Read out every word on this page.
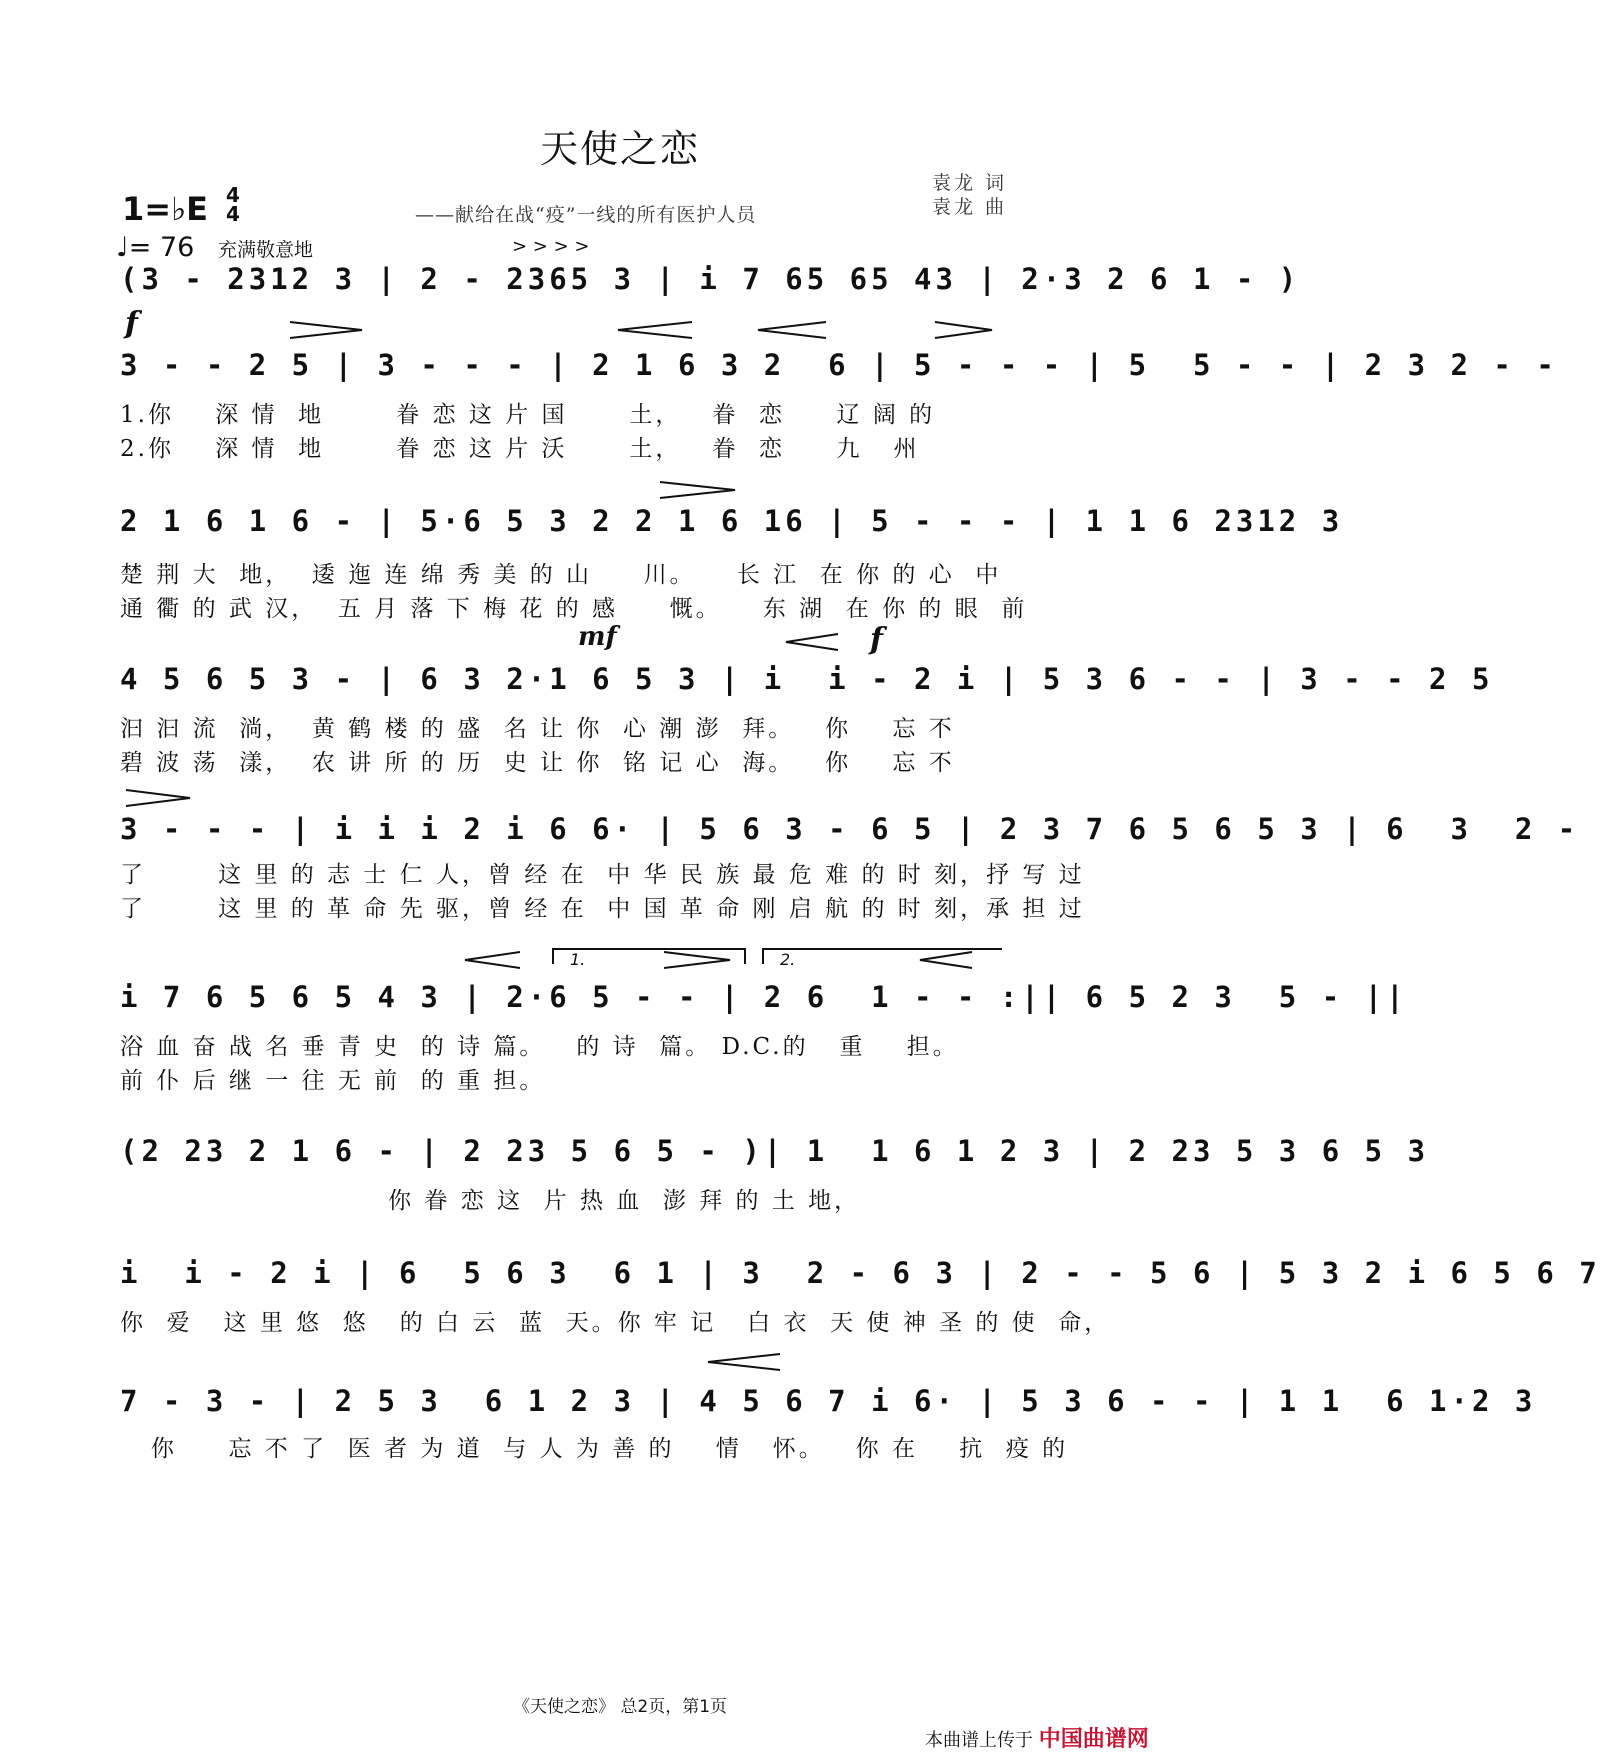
天使之恋
——献给在战“疫”一线的所有医护人员
袁龙 词
袁龙 曲
1=♭E 4
4
♩= 76 充满敬意地
(3 - 2312 3 | 2 - 2365 3 | i 7 65 65 43 | 2·3 2 6 1 - )
> > > >
f
3 - - 2 5 | 3 - - - | 2 1 6 3 2  6 | 5 - - - | 5  5 - - | 2 3 2 - -
1.你    深 情  地       眷 恋 这 片 国      土，   眷  恋     辽 阔 的
2.你    深 情  地       眷 恋 这 片 沃      土，   眷  恋     九   州
2 1 6 1 6 - | 5·6 5 3 2 2 1 6 16 | 5 - - - | 1 1 6 2312 3
楚 荆 大  地，  逶 迤 连 绵 秀 美 的 山     川。    长 江  在 你 的 心  中
通 衢 的 武 汉，  五 月 落 下 梅 花 的 感     慨。    东 湖  在 你 的 眼  前
mf	f
4 5 6 5 3 - | 6 3 2·1 6 5 3 | i  i - 2 i | 5 3 6 - - | 3 - - 2 5
汩 汩 流  淌，  黄 鹤 楼 的 盛  名 让 你  心 潮 澎  拜。   你    忘 不
碧 波 荡  漾，  农 讲 所 的 历  史 让 你  铭 记 心  海。   你    忘 不
3 - - - | i i i 2 i 6 6· | 5 6 3 - 6 5 | 2 3 7 6 5 6 5 3 | 6  3  2 -
了       这 里 的 志 士 仁 人，曾 经 在  中 华 民 族 最 危 难 的 时 刻，抒 写 过
了       这 里 的 革 命 先 驱，曾 经 在  中 国 革 命 刚 启 航 的 时 刻，承 担 过
1.	2.
i 7 6 5 6 5 4 3 | 2·6 5 - - | 2 6  1 - - :|| 6 5 2 3  5 - ||
浴 血 奋 战 名 垂 青 史  的 诗 篇。   的 诗  篇。 D.C.的   重    担。
前 仆 后 继 一 往 无 前  的 重 担。
(2 23 2 1 6 - | 2 23 5 6 5 - )| 1  1 6 1 2 3 | 2 23 5 3 6 5 3
你 眷 恋 这  片 热 血  澎 拜 的 土 地，
i  i - 2 i | 6  5 6 3  6 1 | 3  2 - 6 3 | 2 - - 5 6 | 5 3 2 i 6 5 6 7
你  爱   这 里 悠  悠   的 白 云  蓝  天。你 牢 记   白 衣  天 使 神 圣 的 使  命，
7 - 3 - | 2 5 3  6 1 2 3 | 4 5 6 7 i 6· | 5 3 6 - - | 1 1  6 1·2 3
你     忘 不 了  医 者 为 道  与 人 为 善 的    情   怀。   你 在    抗  疫 的
《天使之恋》 总2页，第1页
本曲谱上传于 中国曲谱网
